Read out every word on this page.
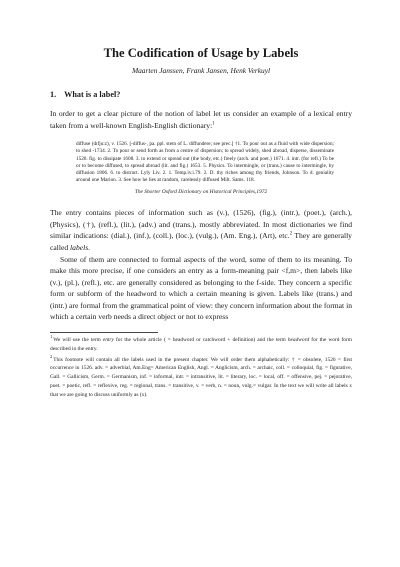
The Codification of Usage by Labels
Maarten Janssen, Frank Jansen, Henk Verkuyl
1. What is a label?

In order to get a clear picture of the notion of label let us consider an example of a lexical entry taken from a well-known English-English dictionary:$^1$

diffuse (dɪfju:z), v. 1526. [-diffus-, pa. ppl. stem of L. diffundere; see prec.] †1. To pour out as a fluid with wide dispersion; to shed -1734. 2. To pour or send forth as from a centre of dispersion; to spread widely, shed abroad, disperse, disseminate 1526. fig. to dissipate 1608. 3. to extend or spread out (the body, etc.) freely (arch. and poet.) 1671. 4. intr. (for refl.) To be or to become diffused, to spread abroad (lit. and fig.) 1653. 5. Physics. To intermingle, or (trans.) cause to intermingle, by diffusion 1806. 6. to distract. Lyly Liv. 2. 1. Temp.iv.i.79. 2. D. thy riches among thy friends, Johnson. To d. geniality around one Marion. 3. See how he lies at random, carelessly diffused Milt. Sams. 118.
The Shorter Oxford Dictionary on Historical Principles,1972

The entry contains pieces of information such as (v.), (1526), (fig.), (intr.), (poet.), (arch.), (Physics), (†), (refl.), (lit.), (adv.) and (trans.), mostly abbreviated. In most dictionaries we find similar indications: (dial.), (inf.), (coll.), (loc.), (vulg.), (Am. Eng.), (Art), etc.$^2$ They are generally called labels.

Some of them are connected to formal aspects of the word, some of them to its meaning. To make this more precise, if one considers an entry as a form-meaning pair <f,m>, then labels like (v.), (pl.), (refl.), etc. are generally considered as belonging to the f-side. They concern a specific form or subform of the headword to which a certain meaning is given. Labels like (trans.) and (intr.) are formal from the grammatical point of view: they concern information about the format in which a certain verb needs a direct object or not to express

$^1$We will use the term entry for the whole article ( = headword or catchword + definition) and the term headword for the word form described in the entry.

$^2$This footnote will contain all the labels used in the present chapter. We will order them alphabetically: † = obsolete, 1526 = first occurrence in 1526. adv. = adverbial, Am.Eng= American English, Angl. = Anglicism, arch. = archaic, coll. = colloquial, fig. = figurative, Gall. = Gallicism, Germ. = Germanism, inf. = informal, intr. = intransitive, lit. = literary, loc. = local, off. = offensive, pej. = pejorative, poet. = poetic, refl. = reflexive, reg. = regional, trans. = transitive, v. = verb, n. = noun, vulg.= vulgar. In the text we will write all labels x that we are going to discuss uniformly as (x).
